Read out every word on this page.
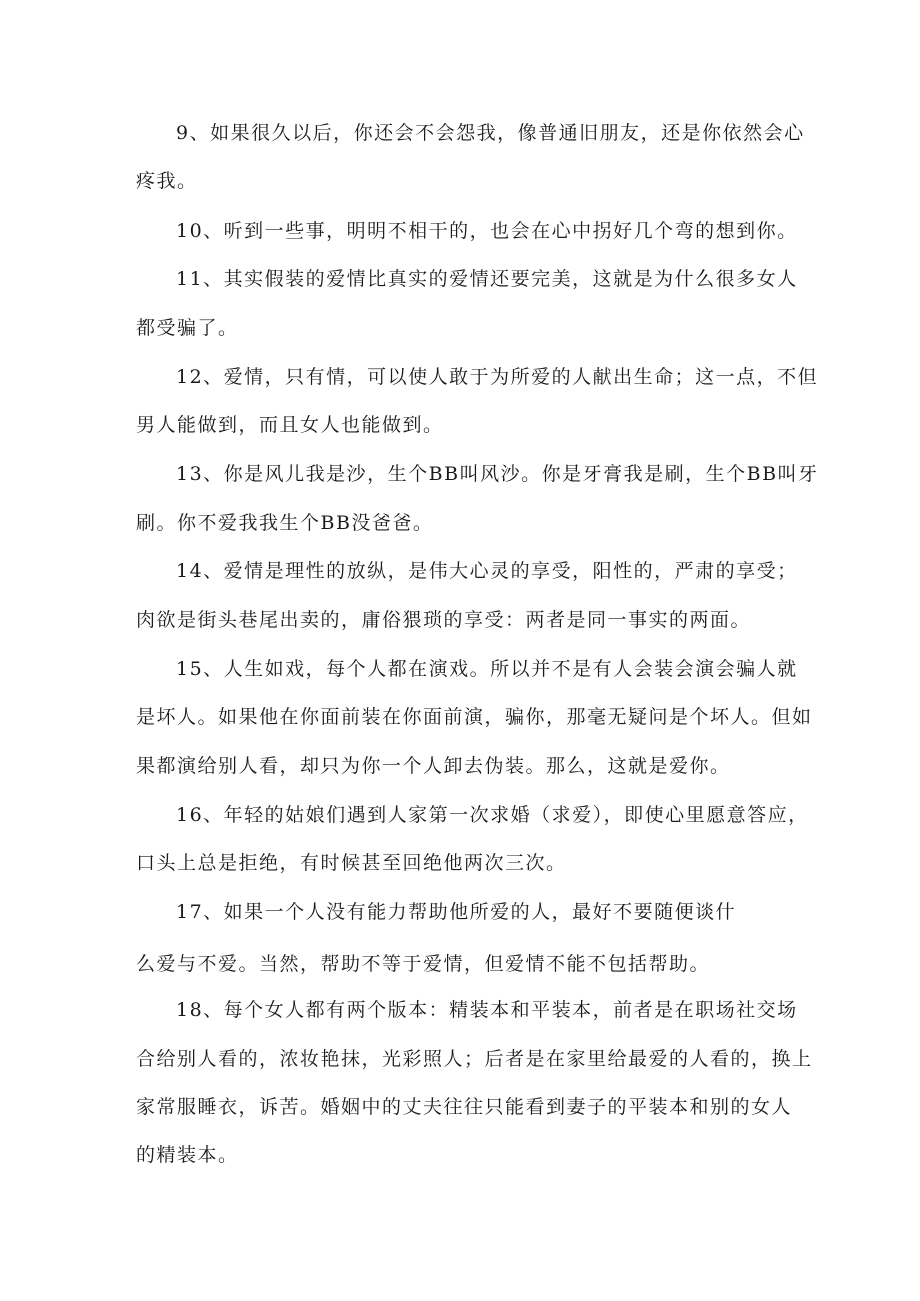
9、如果很久以后，你还会不会怨我，像普通旧朋友，还是你依然会心
疼我。
10、听到一些事，明明不相干的，也会在心中拐好几个弯的想到你。
11、其实假装的爱情比真实的爱情还要完美，这就是为什么很多女人
都受骗了。
12、爱情，只有情，可以使人敢于为所爱的人献出生命；这一点，不但
男人能做到，而且女人也能做到。
13、你是风儿我是沙，生个BB叫风沙。你是牙膏我是刷，生个BB叫牙
刷。你不爱我我生个BB没爸爸。
14、爱情是理性的放纵，是伟大心灵的享受，阳性的，严肃的享受；
肉欲是街头巷尾出卖的，庸俗猥琐的享受：两者是同一事实的两面。
15、人生如戏，每个人都在演戏。所以并不是有人会装会演会骗人就
是坏人。如果他在你面前装在你面前演，骗你，那毫无疑问是个坏人。但如
果都演给别人看，却只为你一个人卸去伪装。那么，这就是爱你。
16、年轻的姑娘们遇到人家第一次求婚（求爱），即使心里愿意答应，
口头上总是拒绝，有时候甚至回绝他两次三次。
17、如果一个人没有能力帮助他所爱的人，最好不要随便谈什
么爱与不爱。当然，帮助不等于爱情，但爱情不能不包括帮助。
18、每个女人都有两个版本：精装本和平装本，前者是在职场社交场
合给别人看的，浓妆艳抹，光彩照人；后者是在家里给最爱的人看的，换上
家常服睡衣，诉苦。婚姻中的丈夫往往只能看到妻子的平装本和别的女人
的精装本。
